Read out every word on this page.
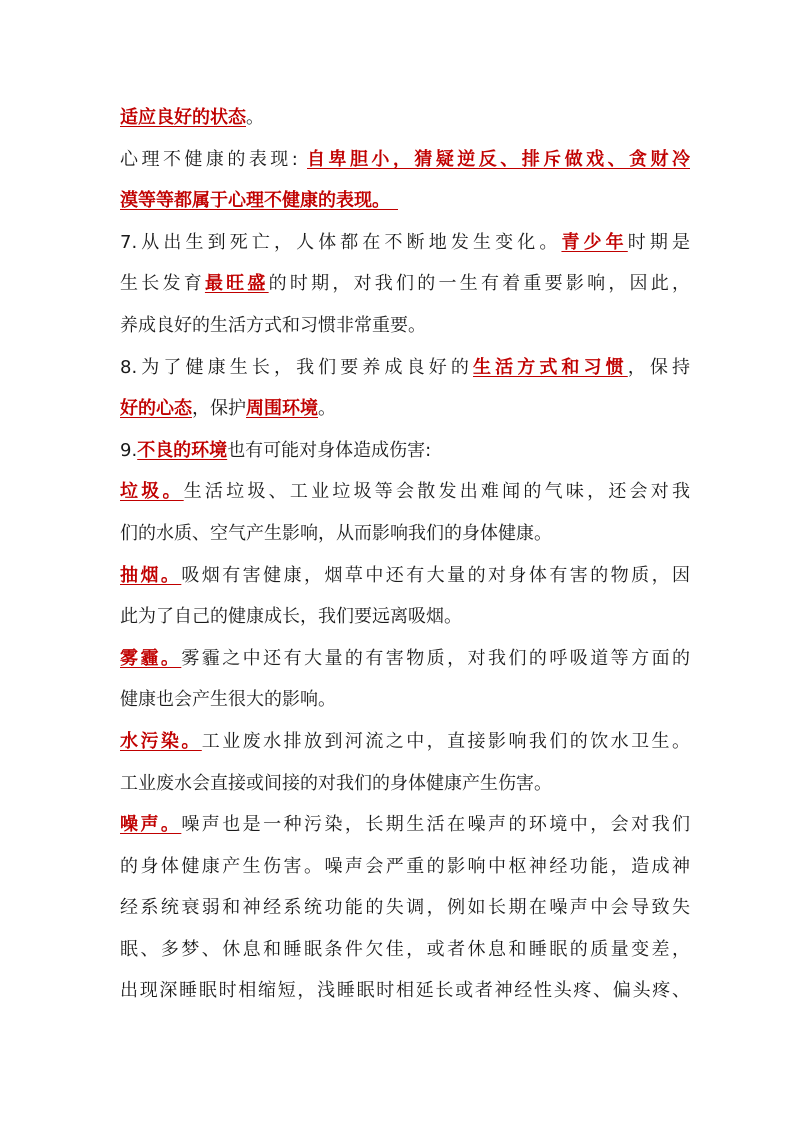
适应良好的状态。
心理不健康的表现: 自卑胆小，猜疑逆反、排斥做戏、贪财冷
漠等等都属于心理不健康的表现。
7.从出生到死亡，人体都在不断地发生变化。青少年时期是
生长发育最旺盛的时期，对我们的一生有着重要影响，因此，
养成良好的生活方式和习惯非常重要。
8.为了健康生长，我们要养成良好的生活方式和习惯，保持
好的心态，保护周围环境。
9.不良的环境也有可能对身体造成伤害:
垃圾。生活垃圾、工业垃圾等会散发出难闻的气味，还会对我
们的水质、空气产生影响，从而影响我们的身体健康。
抽烟。吸烟有害健康，烟草中还有大量的对身体有害的物质，因
此为了自己的健康成长，我们要远离吸烟。
雾霾。雾霾之中还有大量的有害物质，对我们的呼吸道等方面的
健康也会产生很大的影响。
水污染。工业废水排放到河流之中，直接影响我们的饮水卫生。
工业废水会直接或间接的对我们的身体健康产生伤害。
噪声。噪声也是一种污染，长期生活在噪声的环境中，会对我们
的身体健康产生伤害。噪声会严重的影响中枢神经功能，造成神
经系统衰弱和神经系统功能的失调，例如长期在噪声中会导致失
眠、多梦、休息和睡眠条件欠佳，或者休息和睡眠的质量变差，
出现深睡眠时相缩短，浅睡眠时相延长或者神经性头疼、偏头疼、
